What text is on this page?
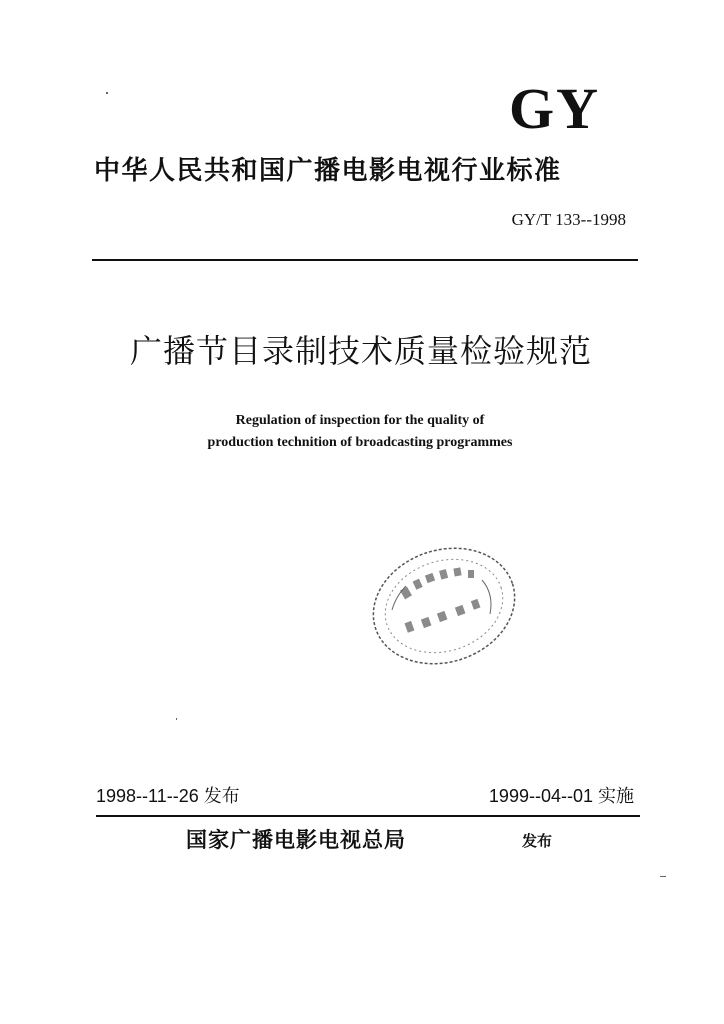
GY
中华人民共和国广播电影电视行业标准
GY/T 133--1998
广播节目录制技术质量检验规范
Regulation of inspection for the quality of
production technition of broadcasting programmes
1998--11--26 发布	1999--04--01 实施
国家广播电影电视总局	发布
